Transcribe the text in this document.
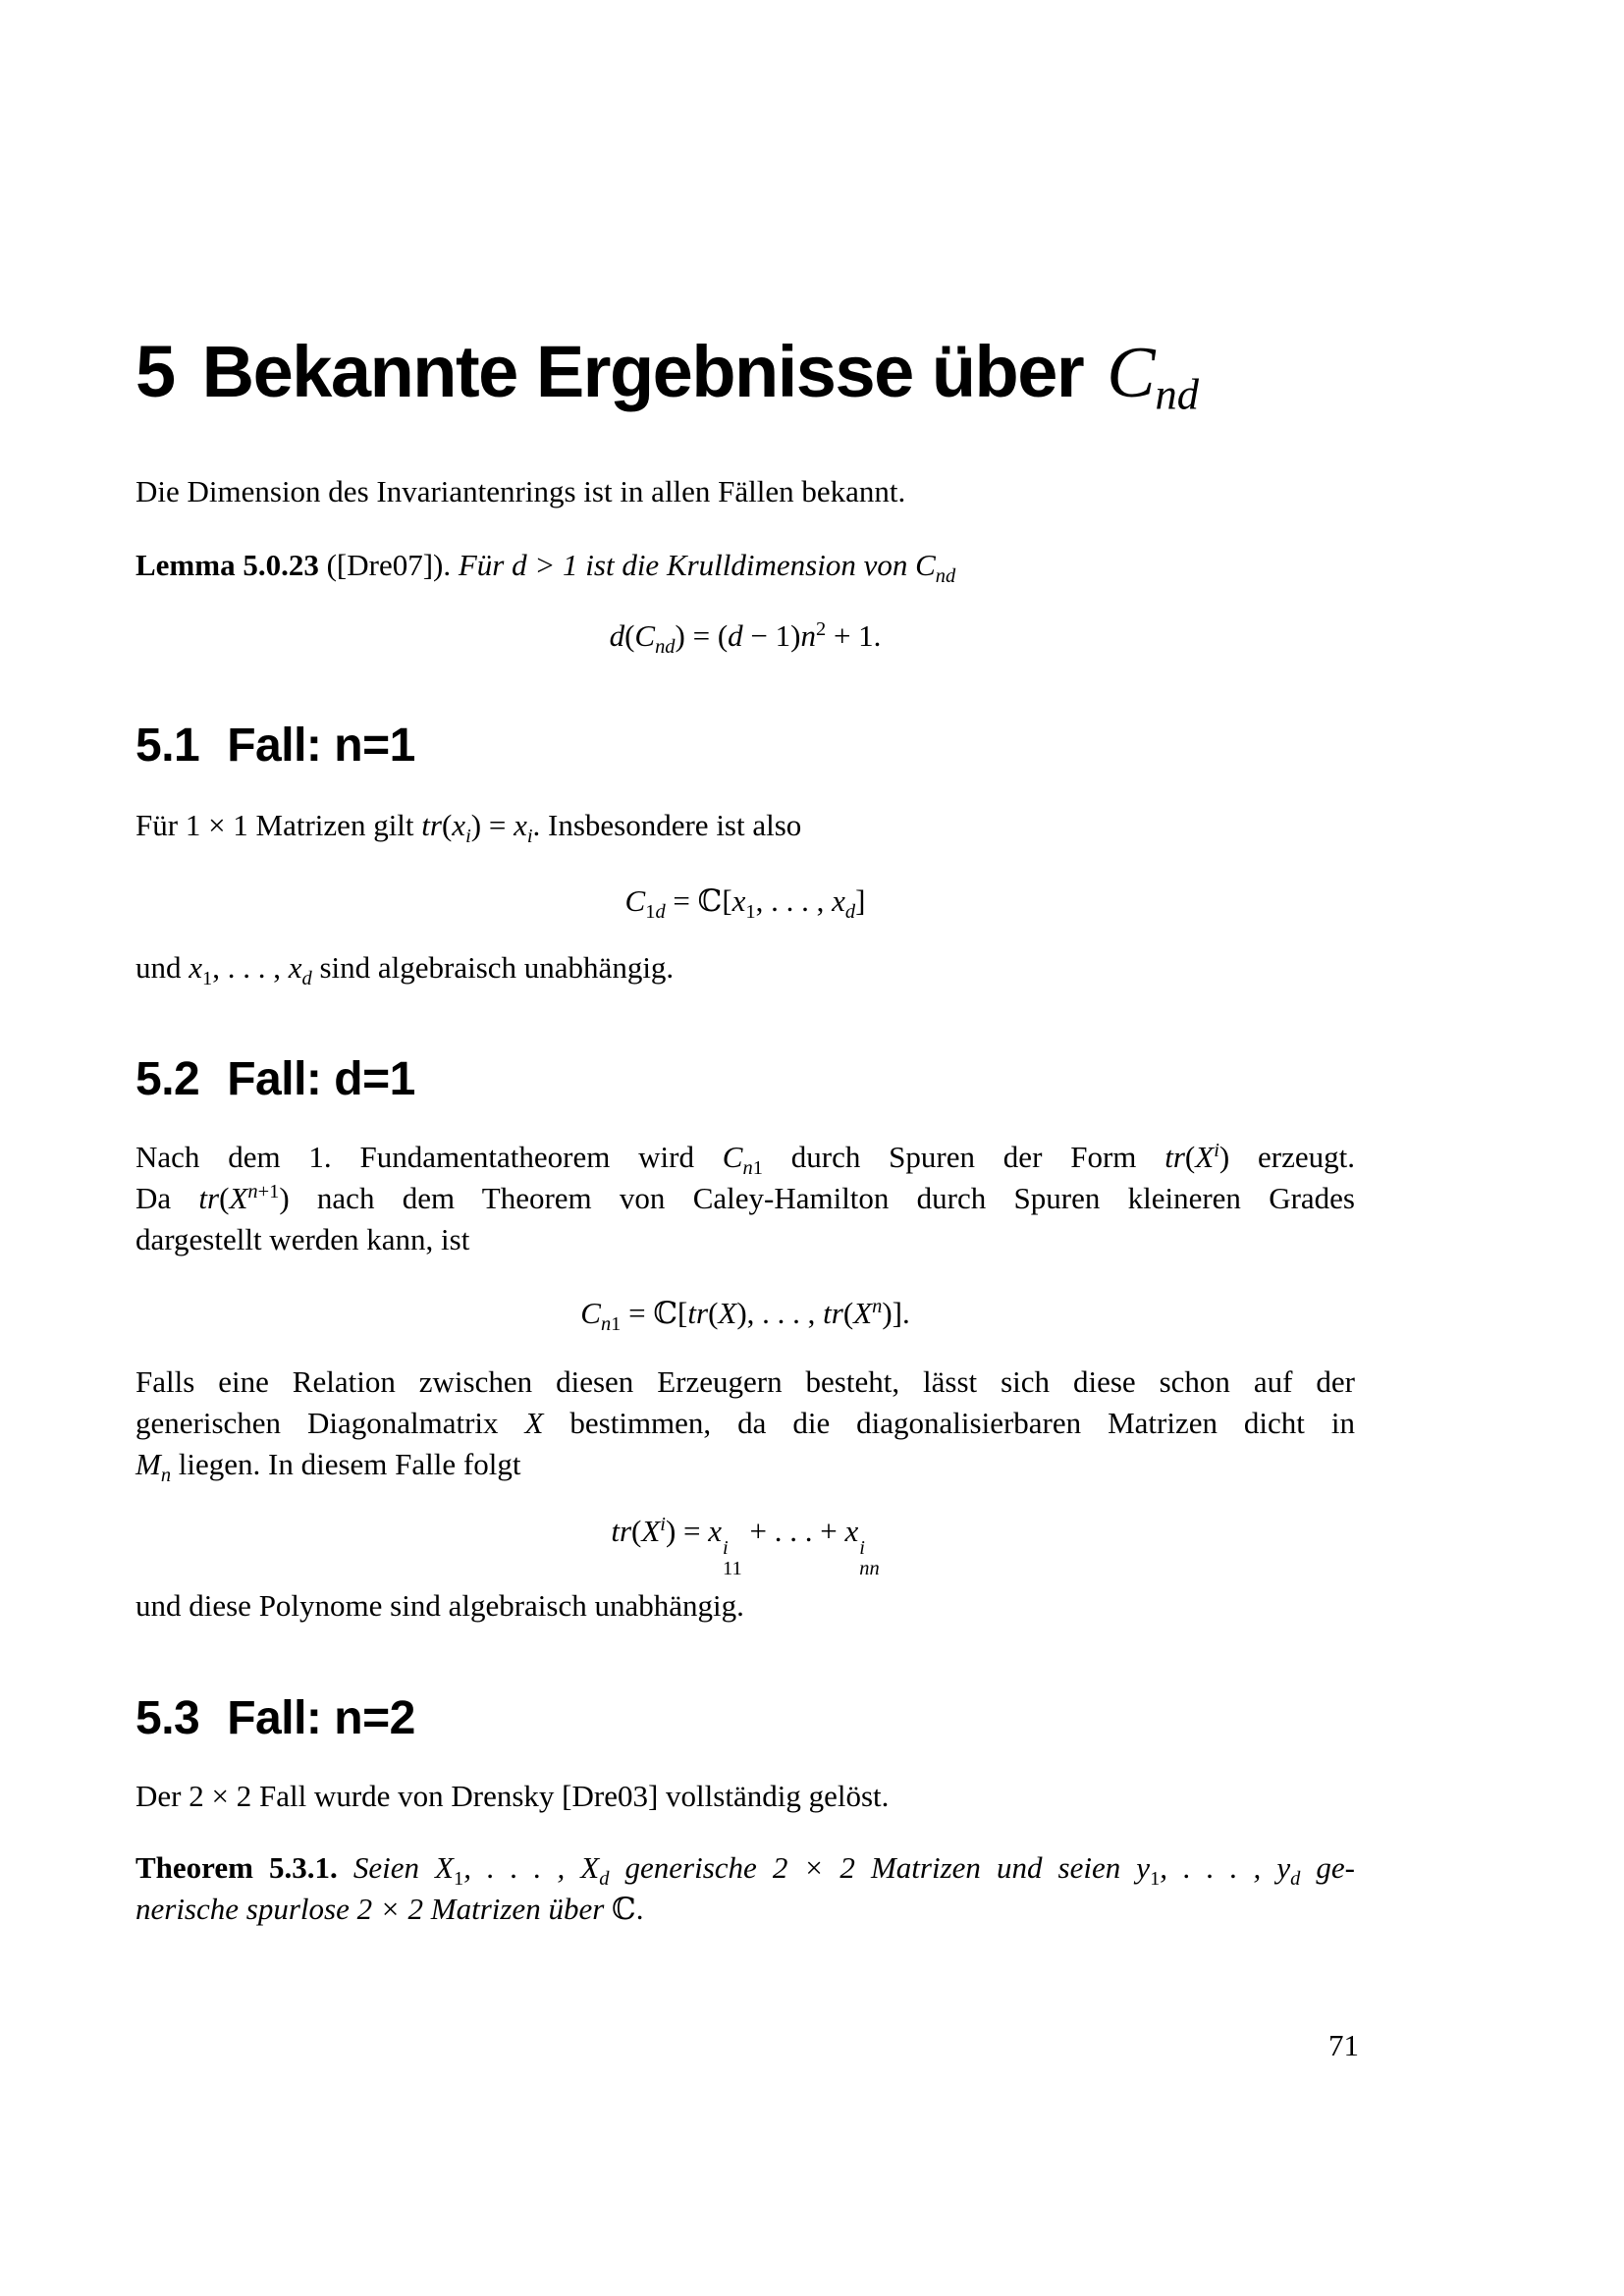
5 Bekannte Ergebnisse über $C_{nd}$

Die Dimension des Invariantenrings ist in allen Fällen bekannt.

Lemma 5.0.23 ([Dre07]). Für d > 1 ist die Krulldimension von $C_{nd}$

$d(C_{nd}) = (d - 1)n^2 + 1$.
5.1 Fall: n=1

Für 1 × 1 Matrizen gilt $tr(x_i) = x_i$. Insbesondere ist also

$C_{1d}$ = $ℂ[x_1$, . . . , $x_d$]

und $x_1$, . . . , $x_d$ sind algebraisch unabhängig.

5.2 Fall: d=1
Nach dem 1. Fundamentatheorem wird $C_{n1}$ durch Spuren der Form $tr(X^i)$ erzeugt.
Da $tr(X^{n+1})$ nach dem Theorem von Caley-Hamilton durch Spuren kleineren Grades
dargestellt werden kann, ist
$C_{n1}$ = ℂ[tr(X), . . . , $tr(X^n)$].
Falls eine Relation zwischen diesen Erzeugern besteht, lässt sich diese schon auf der
generischen Diagonalmatrix X bestimmen, da die diagonalisierbaren Matrizen dicht in
$M_n$ liegen. In diesem Falle folgt
$tr(X^i) = x$ i
11
+ . . . + x i
nn

und diese Polynome sind algebraisch unabhängig.

5.3 Fall: n=2

Der 2 × 2 Fall wurde von Drensky [Dre03] vollständig gelöst.

Theorem 5.3.1. Seien $X_1$, . . . , $X_d$ generische 2 × 2 Matrizen und seien $y_1$, . . . , $y_d$ ge-
nerische spurlose 2 × 2 Matrizen über ℂ.
71
